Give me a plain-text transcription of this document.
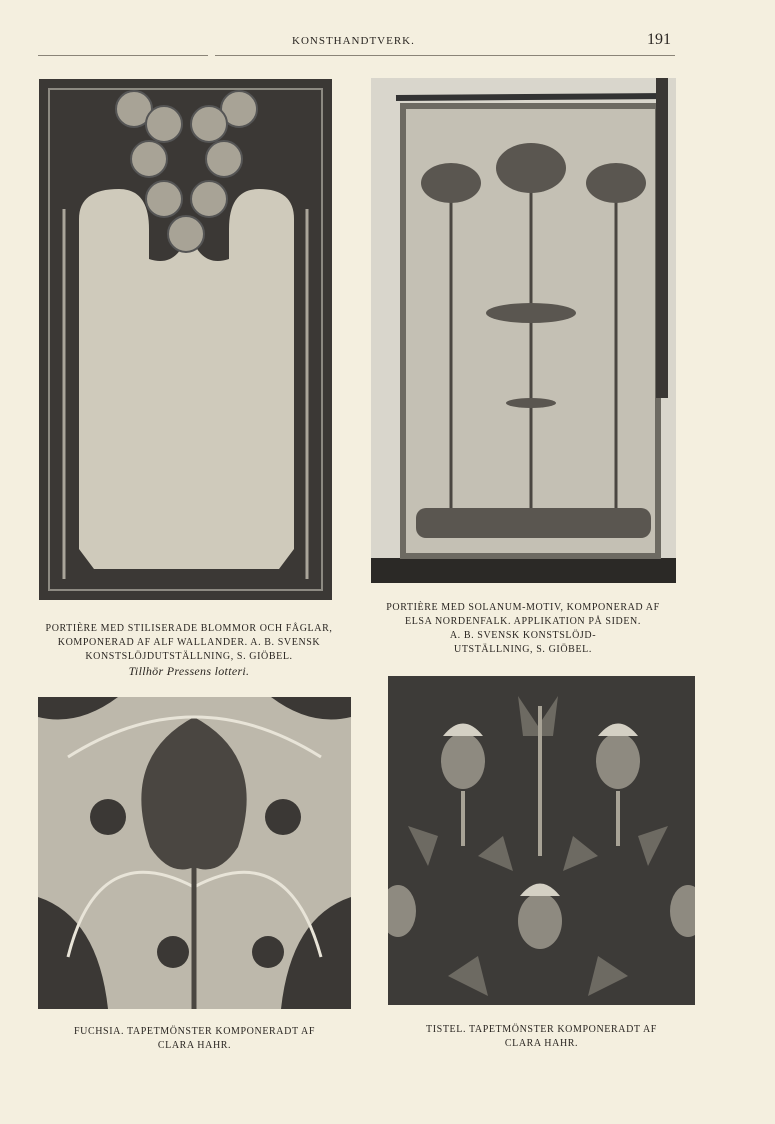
KONSTHANDTVERK.	191
PORTIÈRE MED STILISERADE BLOMMOR OCH FÅGLAR,
KOMPONERAD AF ALF WALLANDER. A. B. SVENSK
KONSTSLÖJDUTSTÄLLNING, S. GIÖBEL.
Tillhör Pressens lotteri.
PORTIÈRE MED SOLANUM-MOTIV, KOMPONERAD AF
ELSA NORDENFALK. APPLIKATION PÅ SIDEN.
A. B. SVENSK KONSTSLÖJD-
UTSTÄLLNING, S. GIÖBEL.
FUCHSIA. TAPETMÖNSTER KOMPONERADT AF
CLARA HAHR.
TISTEL. TAPETMÖNSTER KOMPONERADT AF
CLARA HAHR.
